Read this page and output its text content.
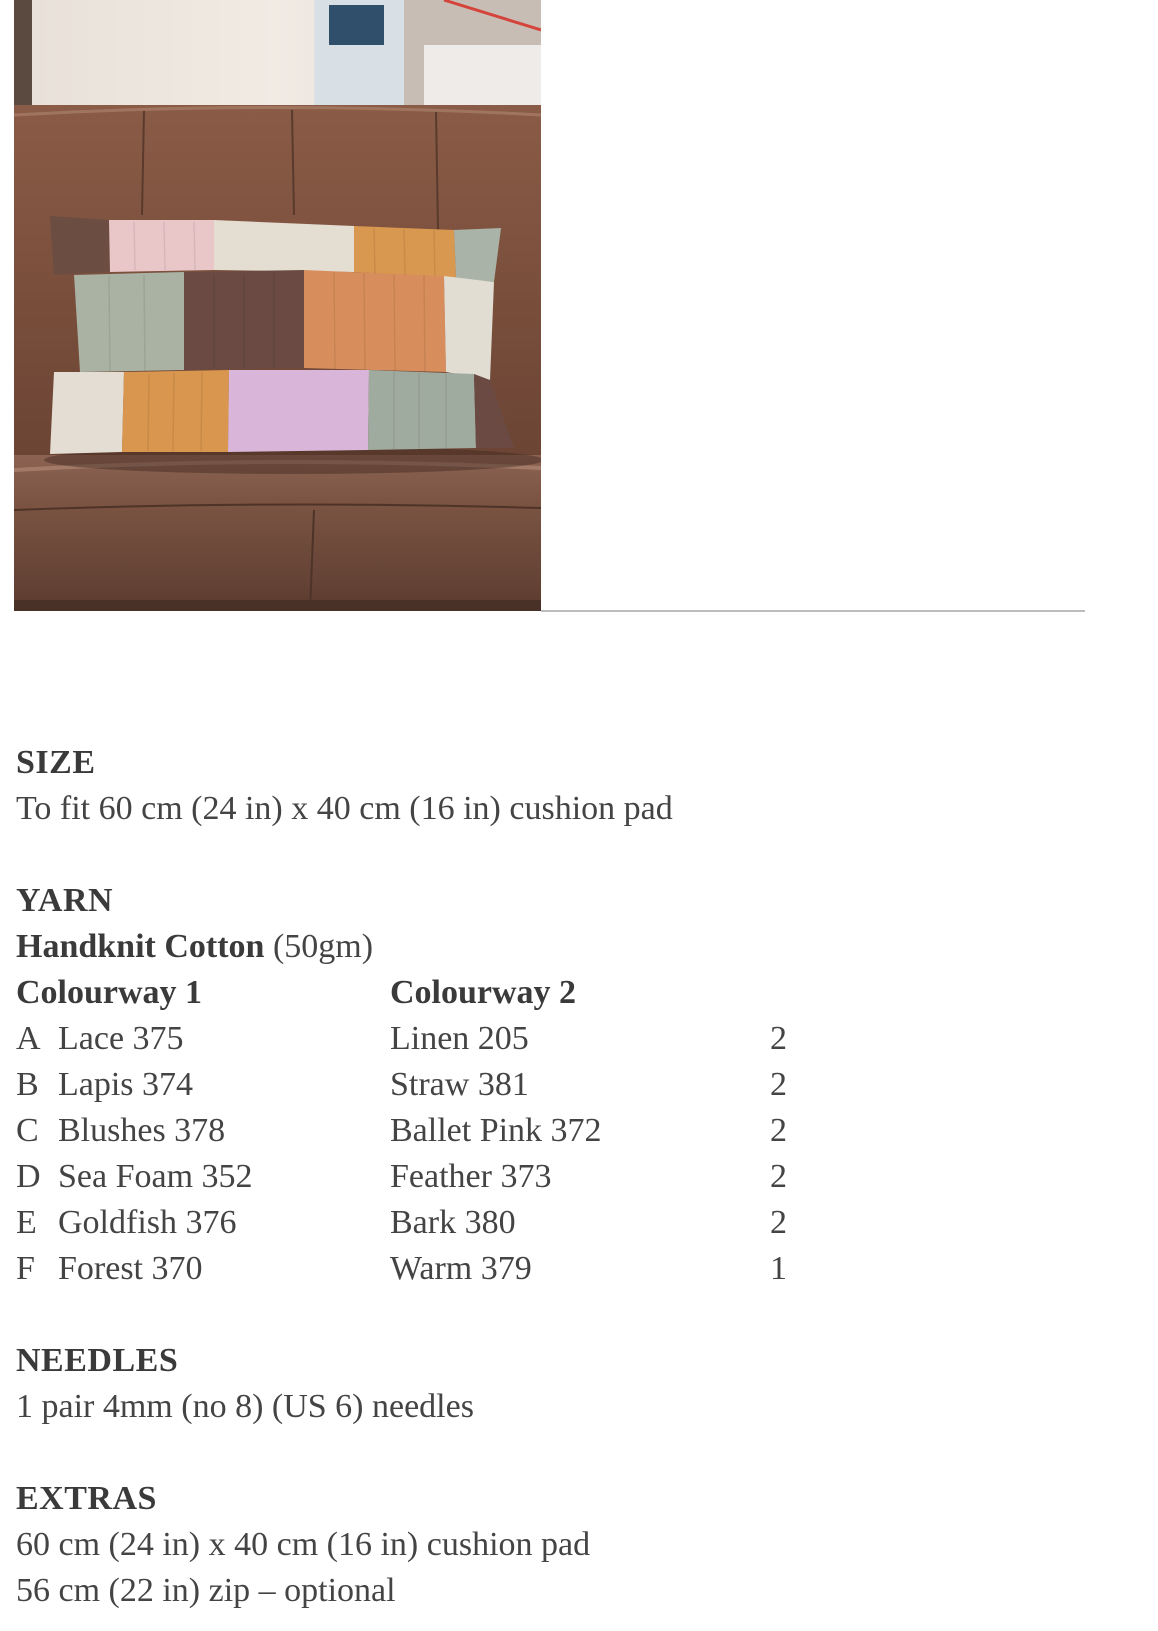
SIZE
To fit 60 cm (24 in) x 40 cm (16 in) cushion pad
YARN
Handknit Cotton (50gm)
Colourway 1	Colourway 2
A Lace 375	Linen 205	2
B Lapis 374	Straw 381	2
C Blushes 378	Ballet Pink 372	2
D Sea Foam 352	Feather 373	2
E Goldfish 376	Bark 380	2
F Forest 370	Warm 379	1
NEEDLES
1 pair 4mm (no 8) (US 6) needles
EXTRAS
60 cm (24 in) x 40 cm (16 in) cushion pad
56 cm (22 in) zip – optional
